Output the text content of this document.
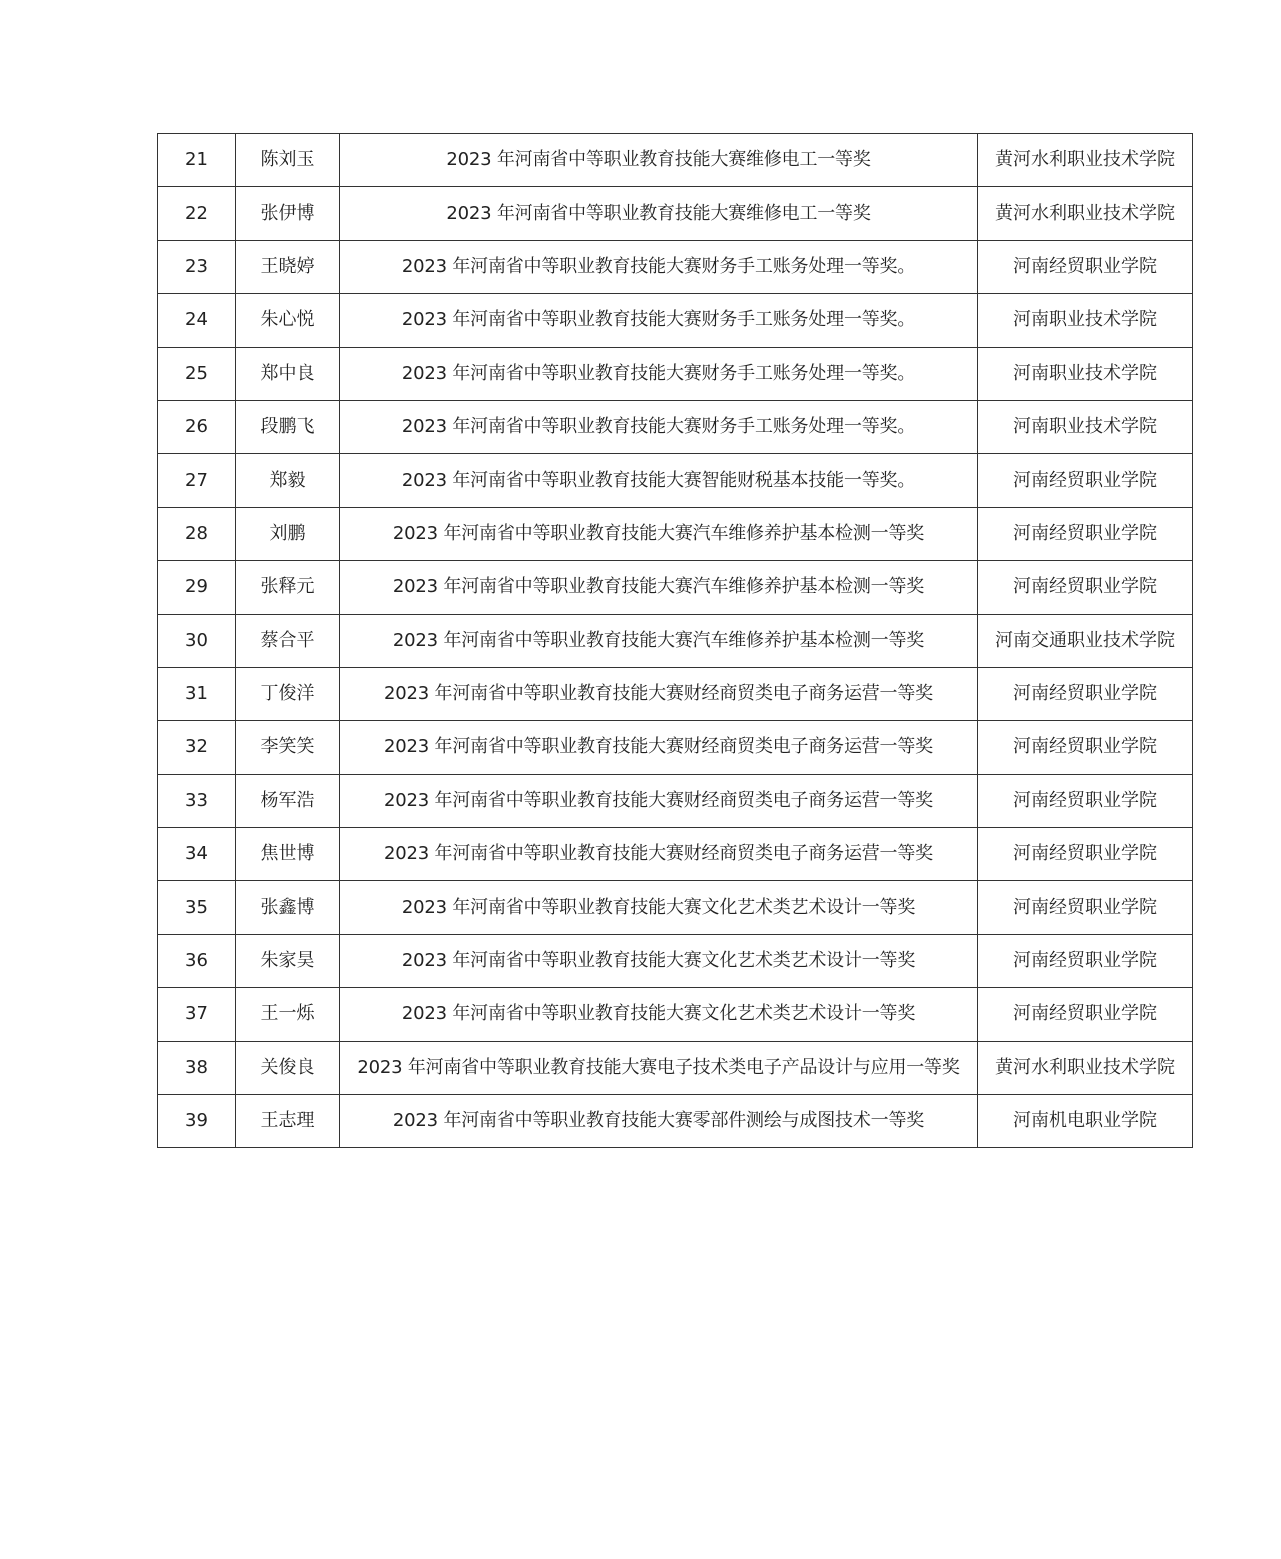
21	陈刘玉	2023 年河南省中等职业教育技能大赛维修电工一等奖	黄河水利职业技术学院
22	张伊博	2023 年河南省中等职业教育技能大赛维修电工一等奖	黄河水利职业技术学院
23	王晓婷	2023 年河南省中等职业教育技能大赛财务手工账务处理一等奖。	河南经贸职业学院
24	朱心悦	2023 年河南省中等职业教育技能大赛财务手工账务处理一等奖。	河南职业技术学院
25	郑中良	2023 年河南省中等职业教育技能大赛财务手工账务处理一等奖。	河南职业技术学院
26	段鹏飞	2023 年河南省中等职业教育技能大赛财务手工账务处理一等奖。	河南职业技术学院
27	郑毅	2023 年河南省中等职业教育技能大赛智能财税基本技能一等奖。	河南经贸职业学院
28	刘鹏	2023 年河南省中等职业教育技能大赛汽车维修养护基本检测一等奖	河南经贸职业学院
29	张释元	2023 年河南省中等职业教育技能大赛汽车维修养护基本检测一等奖	河南经贸职业学院
30	蔡合平	2023 年河南省中等职业教育技能大赛汽车维修养护基本检测一等奖	河南交通职业技术学院
31	丁俊洋	2023 年河南省中等职业教育技能大赛财经商贸类电子商务运营一等奖	河南经贸职业学院
32	李笑笑	2023 年河南省中等职业教育技能大赛财经商贸类电子商务运营一等奖	河南经贸职业学院
33	杨军浩	2023 年河南省中等职业教育技能大赛财经商贸类电子商务运营一等奖	河南经贸职业学院
34	焦世博	2023 年河南省中等职业教育技能大赛财经商贸类电子商务运营一等奖	河南经贸职业学院
35	张鑫博	2023 年河南省中等职业教育技能大赛文化艺术类艺术设计一等奖	河南经贸职业学院
36	朱家昊	2023 年河南省中等职业教育技能大赛文化艺术类艺术设计一等奖	河南经贸职业学院
37	王一烁	2023 年河南省中等职业教育技能大赛文化艺术类艺术设计一等奖	河南经贸职业学院
38	关俊良	2023 年河南省中等职业教育技能大赛电子技术类电子产品设计与应用一等奖	黄河水利职业技术学院
39	王志理	2023 年河南省中等职业教育技能大赛零部件测绘与成图技术一等奖	河南机电职业学院
